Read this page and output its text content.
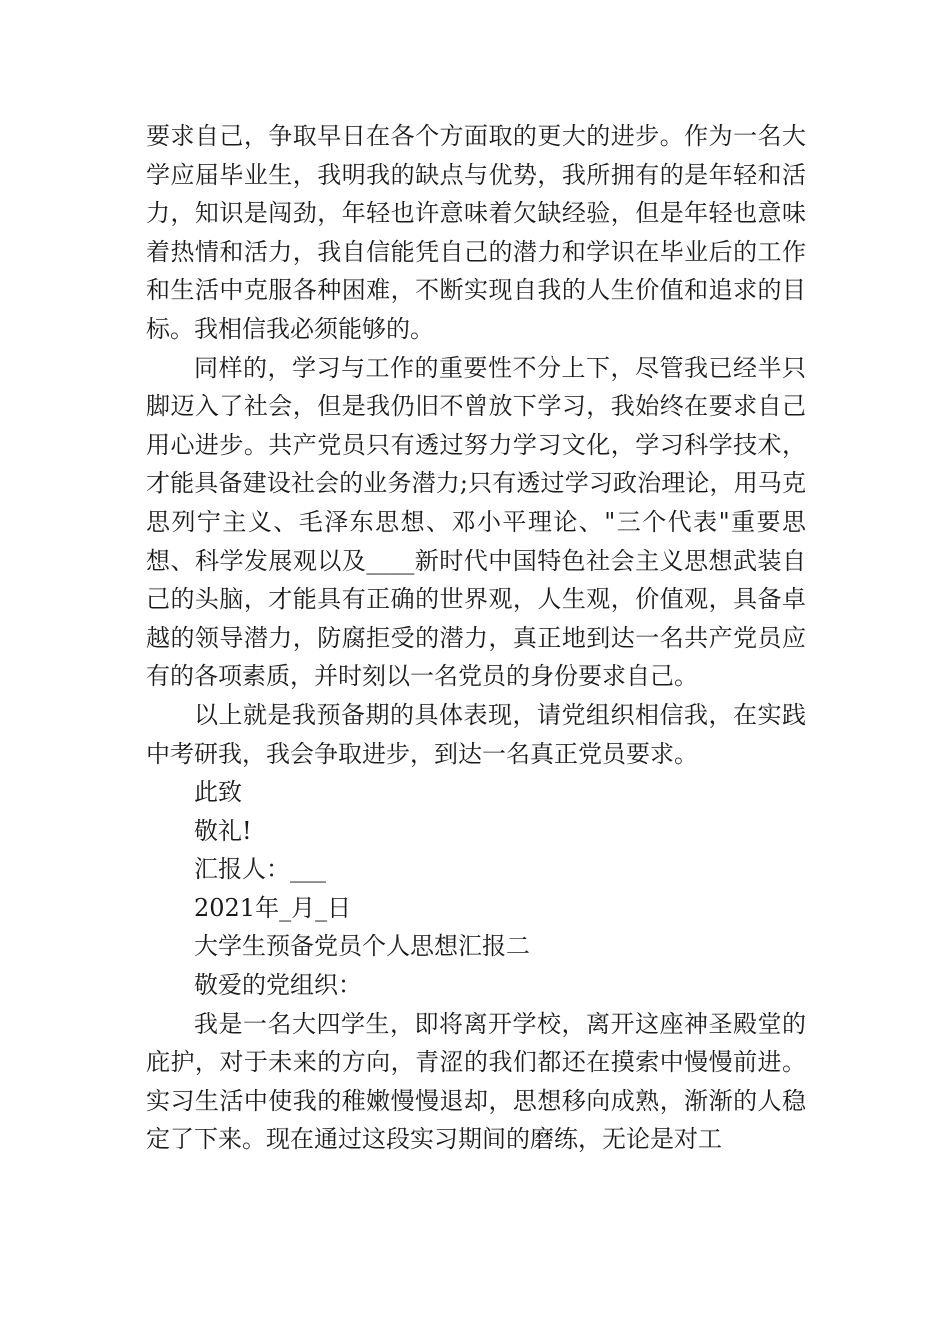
要求自己，争取早日在各个方面取的更大的进步。作为一名大学应届毕业生，我明我的缺点与优势，我所拥有的是年轻和活力，知识是闯劲，年轻也许意味着欠缺经验，但是年轻也意味着热情和活力，我自信能凭自己的潜力和学识在毕业后的工作和生活中克服各种困难，不断实现自我的人生价值和追求的目标。我相信我必须能够的。

同样的，学习与工作的重要性不分上下，尽管我已经半只脚迈入了社会，但是我仍旧不曾放下学习，我始终在要求自己用心进步。共产党员只有透过努力学习文化，学习科学技术，才能具备建设社会的业务潜力;只有透过学习政治理论，用马克思列宁主义、毛泽东思想、邓小平理论、"三个代表"重要思想、科学发展观以及____新时代中国特色社会主义思想武装自己的头脑，才能具有正确的世界观，人生观，价值观，具备卓越的领导潜力，防腐拒受的潜力，真正地到达一名共产党员应有的各项素质，并时刻以一名党员的身份要求自己。

以上就是我预备期的具体表现，请党组织相信我，在实践中考研我，我会争取进步，到达一名真正党员要求。

此致

敬礼!

汇报人：___

2021年_月_日

大学生预备党员个人思想汇报二

敬爱的党组织：

我是一名大四学生，即将离开学校，离开这座神圣殿堂的庇护，对于未来的方向，青涩的我们都还在摸索中慢慢前进。实习生活中使我的稚嫩慢慢退却，思想移向成熟，渐渐的人稳定了下来。现在通过这段实习期间的磨练，无论是对工
